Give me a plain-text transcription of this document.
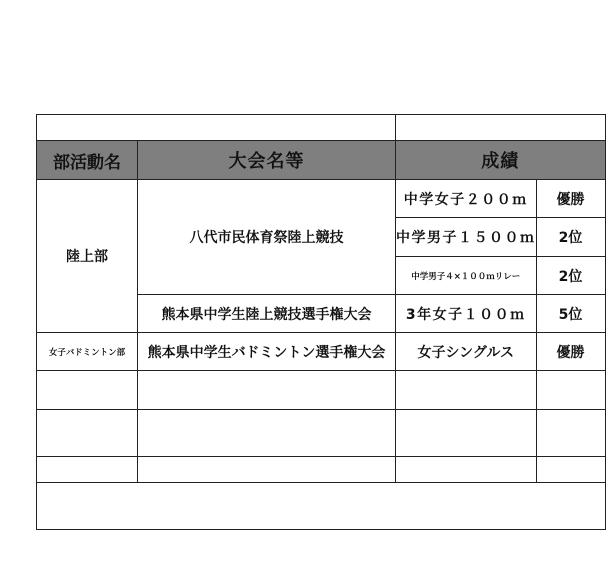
部活動名	大会名等	成績	
陸上部	八代市民体育祭陸上競技	中学女子２００ｍ	優勝
		中学男子１５００ｍ	2位
		中学男子４×１００ｍリレー	2位
	熊本県中学生陸上競技選手権大会	3年女子１００ｍ	5位
女子バドミントン部	熊本県中学生バドミントン選手権大会	女子シングルス	優勝
